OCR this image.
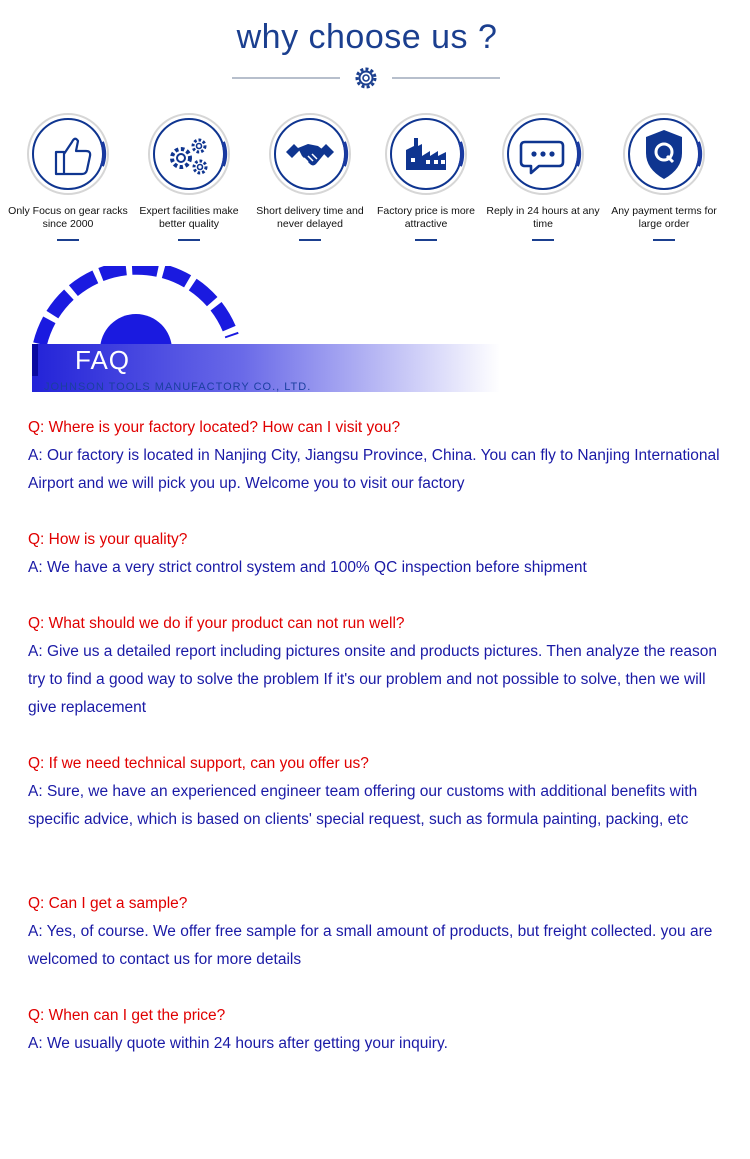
why choose us ?
Only Focus on gear racks since 2000
Expert facilities make better quality
Short delivery time and never delayed
Factory price is more attractive
Reply in 24 hours at any time
Any payment terms for large order
FAQ
JOHNSON TOOLS MANUFACTORY CO., LTD.
Q: Where is your factory located? How can I visit you?
A: Our factory is located in Nanjing City, Jiangsu Province, China. You can fly to Nanjing International Airport and we will pick you up. Welcome you to visit our factory
Q: How is your quality?
A: We have a very strict control system and 100% QC inspection before shipment
Q: What should we do if your product can not run well?
A: Give us a detailed report including pictures onsite and products pictures. Then analyze the reason try to find a good way to solve the problem If it's our problem and not possible to solve, then we will give replacement
Q: If we need technical support, can you offer us?
A: Sure, we have an experienced engineer team offering our customs with additional benefits with specific advice, which is based on clients' special request, such as formula painting, packing, etc
Q: Can I get a sample?
A: Yes, of course. We offer free sample for a small amount of products, but freight collected. you are welcomed to contact us for more details
Q: When can I get the price?
A: We usually quote within 24 hours after getting your inquiry.
